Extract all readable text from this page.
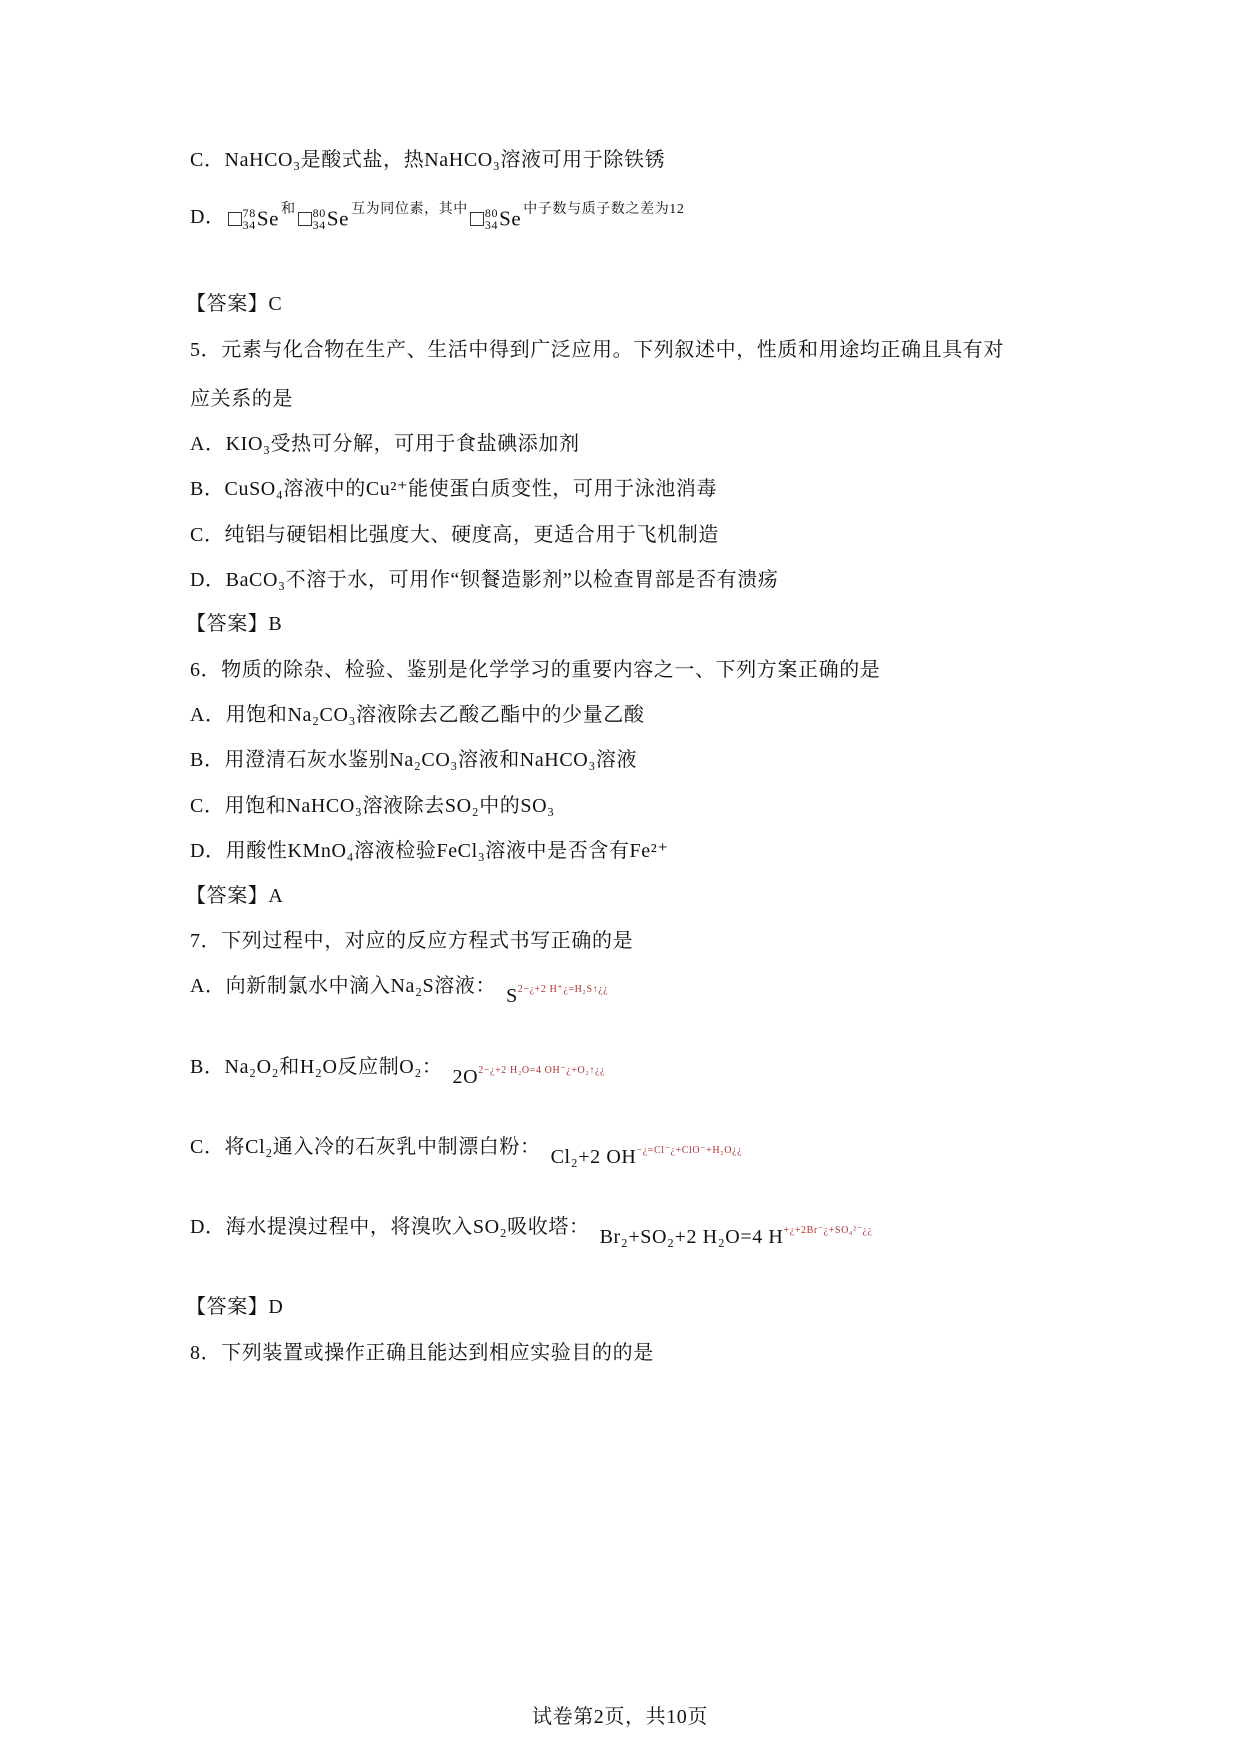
C．NaHCO₃是酸式盐，热NaHCO₃溶液可用于除铁锈
D． 78
34Se $^和$ 80
34Se $^{互为同位素,其中}$ 80
34Se $^{中子数与质子数之差为12}$
【答案】C
5．元素与化合物在生产、生活中得到广泛应用。下列叙述中，性质和用途均正确且具有对
应关系的是
A．KIO₃受热可分解，可用于食盐碘添加剂
B．CuSO₄溶液中的Cu²⁺能使蛋白质变性，可用于泳池消毒
C．纯铝与硬铝相比强度大、硬度高，更适合用于飞机制造
D．BaCO₃不溶于水，可用作“钡餐造影剂”以检查胃部是否有溃疡
【答案】B
6．物质的除杂、检验、鉴别是化学学习的重要内容之一、下列方案正确的是
A．用饱和Na₂CO₃溶液除去乙酸乙酯中的少量乙酸
B．用澄清石灰水鉴别Na₂CO₃溶液和NaHCO₃溶液
C．用饱和NaHCO₃溶液除去SO₂中的SO₃
D．用酸性KMnO₄溶液检验FeCl₃溶液中是否含有Fe²⁺
【答案】A
7．下列过程中，对应的反应方程式书写正确的是
A．向新制氯水中滴入Na₂S溶液： $S^{2-¿+2 H^+¿=H_2S↑¿¿}$
B．Na₂O₂和H₂O反应制O₂： $2O^{2-¿+2 H_2O=4 OH^-¿+O_2↑¿¿}$
C．将Cl₂通入冷的石灰乳中制漂白粉： Cl₂+2 $OH^{-¿=Cl^-¿+ClO^-+H_2O¿¿}$
D．海水提溴过程中，将溴吹入SO₂吸收塔： Br₂+SO₂+2 H₂O=4 $H^{+¿+2Br^-¿+SO_4^{2-}¿¿}$
【答案】D
8．下列装置或操作正确且能达到相应实验目的的是
试卷第2页，共10页
